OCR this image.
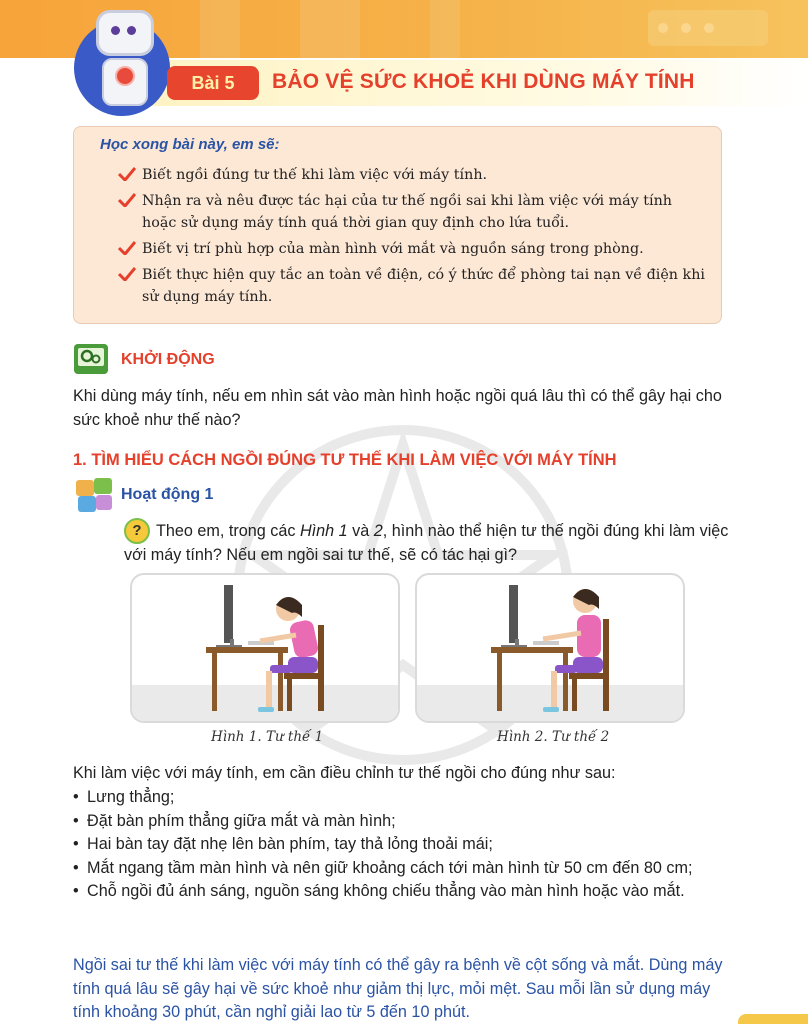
Bài 5	BẢO VỆ SỨC KHOẺ KHI DÙNG MÁY TÍNH
Học xong bài này, em sẽ:
Biết ngồi đúng tư thế khi làm việc với máy tính.
Nhận ra và nêu được tác hại của tư thế ngồi sai khi làm việc với máy tính hoặc sử dụng máy tính quá thời gian quy định cho lứa tuổi.
Biết vị trí phù hợp của màn hình với mắt và nguồn sáng trong phòng.
Biết thực hiện quy tắc an toàn về điện, có ý thức để phòng tai nạn về điện khi sử dụng máy tính.
KHỞI ĐỘNG
Khi dùng máy tính, nếu em nhìn sát vào màn hình hoặc ngồi quá lâu thì có thể gây hại cho sức khoẻ như thế nào?
1. TÌM HIỂU CÁCH NGỒI ĐÚNG TƯ THẾ KHI LÀM VIỆC VỚI MÁY TÍNH
Hoạt động 1
? Theo em, trong các Hình 1 và 2, hình nào thể hiện tư thế ngồi đúng khi làm việc với máy tính? Nếu em ngồi sai tư thế, sẽ có tác hại gì?
Hình 1. Tư thế 1	Hình 2. Tư thế 2
Khi làm việc với máy tính, em cần điều chỉnh tư thế ngồi cho đúng như sau:
• Lưng thẳng;
• Đặt bàn phím thẳng giữa mắt và màn hình;
• Hai bàn tay đặt nhẹ lên bàn phím, tay thả lỏng thoải mái;
• Mắt ngang tầm màn hình và nên giữ khoảng cách tới màn hình từ 50 cm đến 80 cm;
• Chỗ ngồi đủ ánh sáng, nguồn sáng không chiếu thẳng vào màn hình hoặc vào mắt.
Ngồi sai tư thế khi làm việc với máy tính có thể gây ra bệnh về cột sống và mắt. Dùng máy tính quá lâu sẽ gây hại về sức khoẻ như giảm thị lực, mỏi mệt. Sau mỗi lần sử dụng máy tính khoảng 30 phút, cần nghỉ giải lao từ 5 đến 10 phút.
